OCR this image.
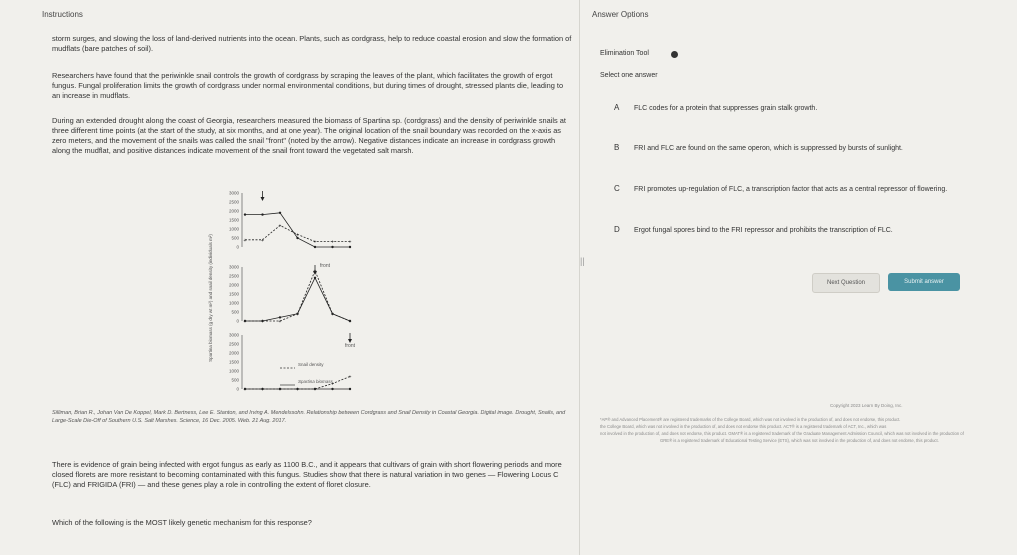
Instructions
storm surges, and slowing the loss of land-derived nutrients into the ocean. Plants, such as cordgrass, help to reduce coastal erosion and slow the formation of mudflats (bare patches of soil).
Researchers have found that the periwinkle snail controls the growth of cordgrass by scraping the leaves of the plant, which facilitates the growth of ergot fungus. Fungal proliferation limits the growth of cordgrass under normal environmental conditions, but during times of drought, stressed plants die, leading to an increase in mudflats.
During an extended drought along the coast of Georgia, researchers measured the biomass of Spartina sp. (cordgrass) and the density of periwinkle snails at three different time points (at the start of the study, at six months, and at one year). The original location of the snail boundary was recorded on the x-axis as zero meters, and the movement of the snails was called the snail "front" (noted by the arrow). Negative distances indicate an increase in cordgrass growth along the mudflat, and positive distances indicate movement of the snail front toward the vegetated salt marsh.
Spartina biomass (g dry wt m²) and snail density (individuals m²)
3000
2500
2000
1500
1000
500
0
+	+
+
+
+	+	+
3000
2500
2000
1500
1000
500
0 +	+	+
+	+
+
3000
2500
2000
1500
1000
500
0 +	+	+	+	+
+
+
front
front
Snail density
Spartina biomass
Silliman, Brian R., Johan Van De Koppel, Mark D. Bertness, Lee E. Stanton, and Irving A. Mendelssohn. Relationship between Cordgrass and Snail Density in Coastal Georgia. Digital image. Drought, Snails, and Large-Scale Die-Off of Southern U.S. Salt Marshes. Science, 16 Dec. 2005. Web. 21 Aug. 2017.
There is evidence of grain being infected with ergot fungus as early as 1100 B.C., and it appears that cultivars of grain with short flowering periods and more closed florets are more resistant to becoming contaminated with this fungus. Studies show that there is natural variation in two genes — Flowering Locus C (FLC) and FRIGIDA (FRI) — and these genes play a role in controlling the extent of floret closure.
Which of the following is the MOST likely genetic mechanism for this response?
||
Answer Options
Elimination Tool
Select one answer
A FLC codes for a protein that suppresses grain stalk growth.
B FRI and FLC are found on the same operon, which is suppressed by bursts of sunlight.
C FRI promotes up-regulation of FLC, a transcription factor that acts as a central repressor of flowering.
D Ergot fungal spores bind to the FRI repressor and prohibits the transcription of FLC.
Next Question	Submit answer
Copyright 2023 Learn By Doing, Inc.
*AP® and Advanced Placement® are registered trademarks of the College Board, which was not involved in the production of, and does not endorse, this product.
the College Board, which was not involved in the production of, and does not endorse this product. ACT® is a registered trademark of ACT, Inc., which was
not involved in the production of, and does not endorse, this product. GMAT® is a registered trademark of the Graduate Management Admission Council, which was not involved in the production of
GRE® is a registered trademark of Educational Testing Service (ETS), which was not involved in the production of, and does not endorse, this product.
